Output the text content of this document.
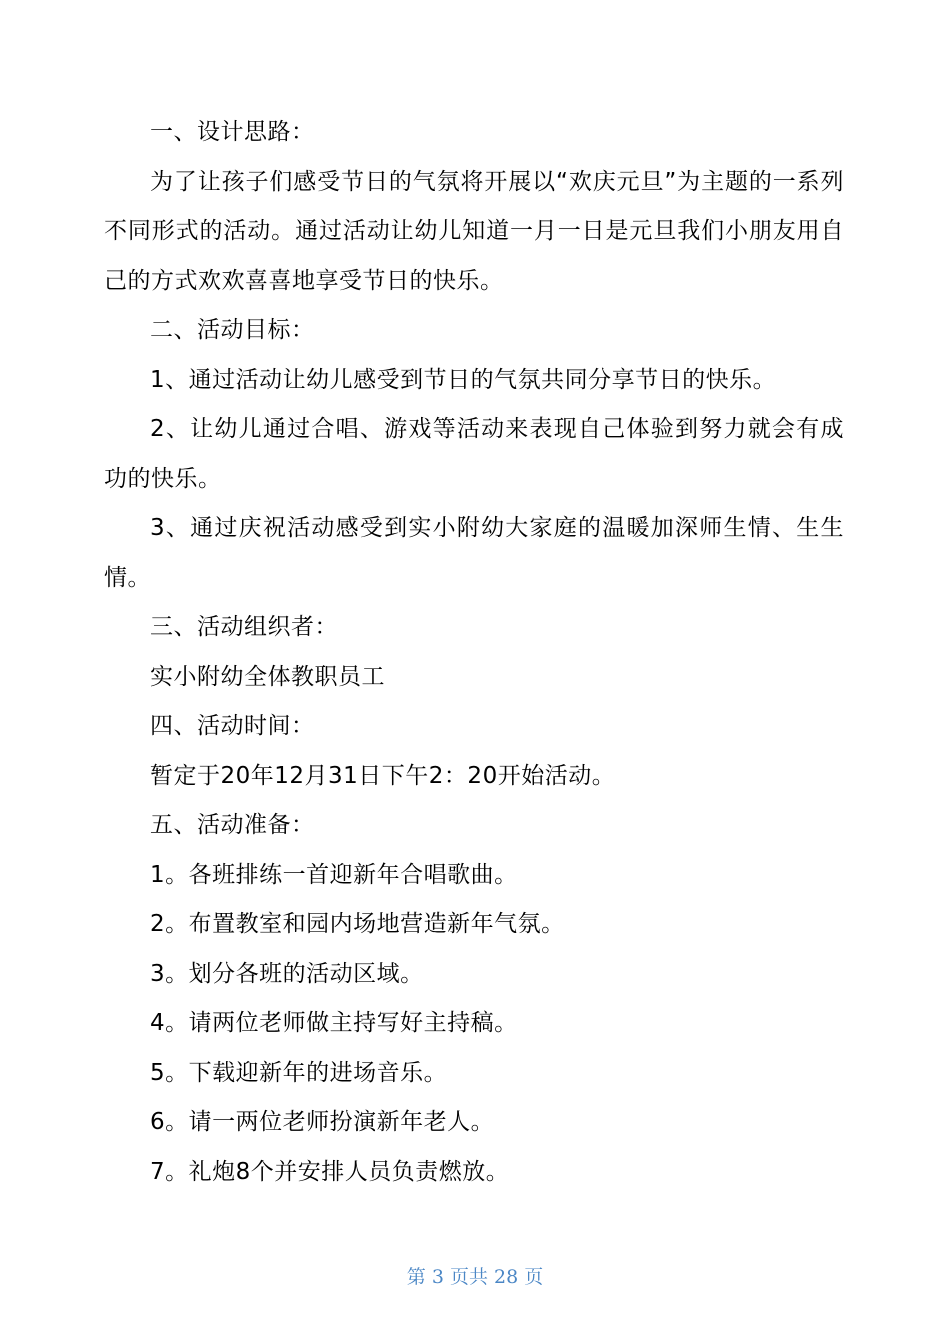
一、设计思路：

为了让孩子们感受节日的气氛将开展以“欢庆元旦”为主题的一系列不同形式的活动。通过活动让幼儿知道一月一日是元旦我们小朋友用自己的方式欢欢喜喜地享受节日的快乐。

二、活动目标：

1、通过活动让幼儿感受到节日的气氛共同分享节日的快乐。

2、让幼儿通过合唱、游戏等活动来表现自己体验到努力就会有成功的快乐。

3、通过庆祝活动感受到实小附幼大家庭的温暖加深师生情、生生情。

三、活动组织者：

实小附幼全体教职员工

四、活动时间：

暂定于20年12月31日下午2：20开始活动。

五、活动准备：

1。各班排练一首迎新年合唱歌曲。

2。布置教室和园内场地营造新年气氛。

3。划分各班的活动区域。

4。请两位老师做主持写好主持稿。

5。下载迎新年的进场音乐。

6。请一两位老师扮演新年老人。

7。礼炮8个并安排人员负责燃放。

第 3 页共 28 页
